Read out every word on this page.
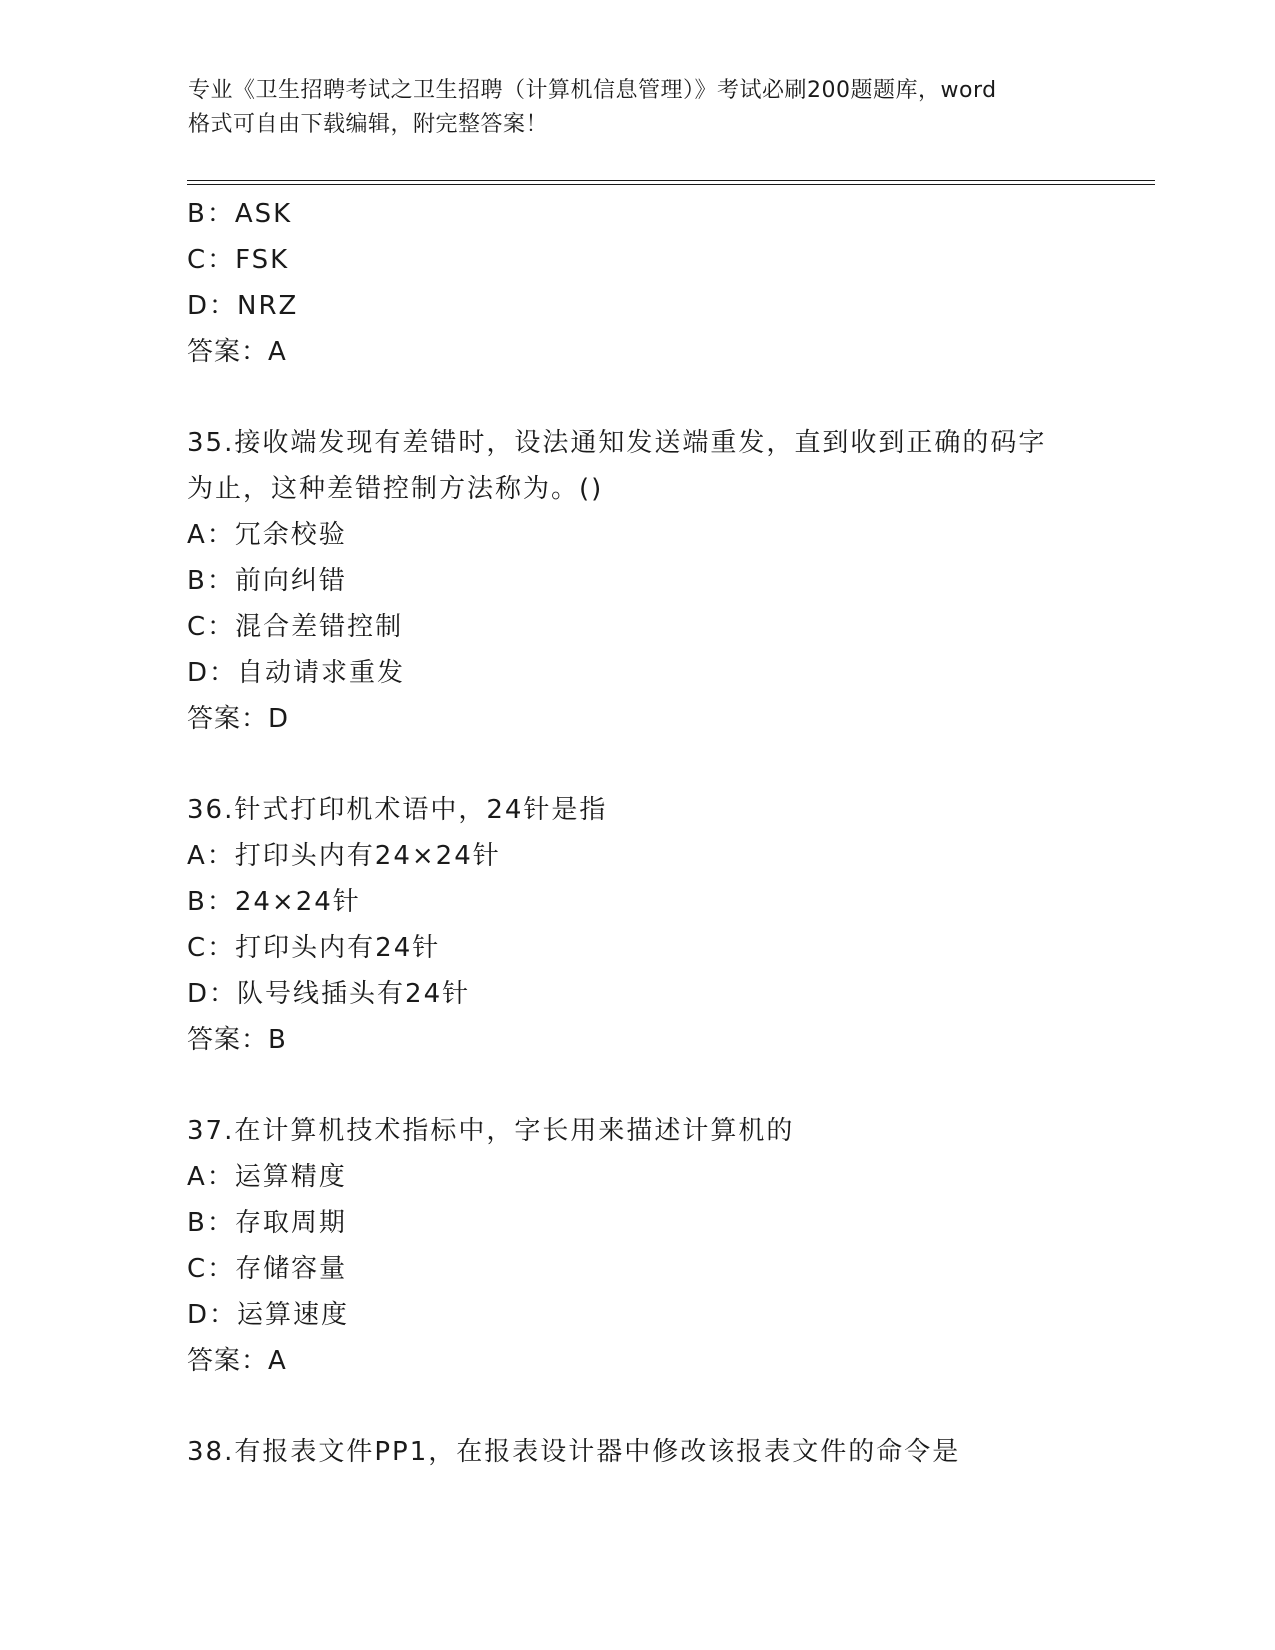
专业《卫生招聘考试之卫生招聘（计算机信息管理）》考试必刷200题题库，word
格式可自由下载编辑，附完整答案！
B：ASK
C：FSK
D：NRZ
答案：A
35.接收端发现有差错时，设法通知发送端重发，直到收到正确的码字
为止，这种差错控制方法称为。()
A：冗余校验
B：前向纠错
C：混合差错控制
D：自动请求重发
答案：D
36.针式打印机术语中，24针是指
A：打印头内有24×24针
B：24×24针
C：打印头内有24针
D：队号线插头有24针
答案：B
37.在计算机技术指标中，字长用来描述计算机的
A：运算精度
B：存取周期
C：存储容量
D：运算速度
答案：A
38.有报表文件PP1，在报表设计器中修改该报表文件的命令是
